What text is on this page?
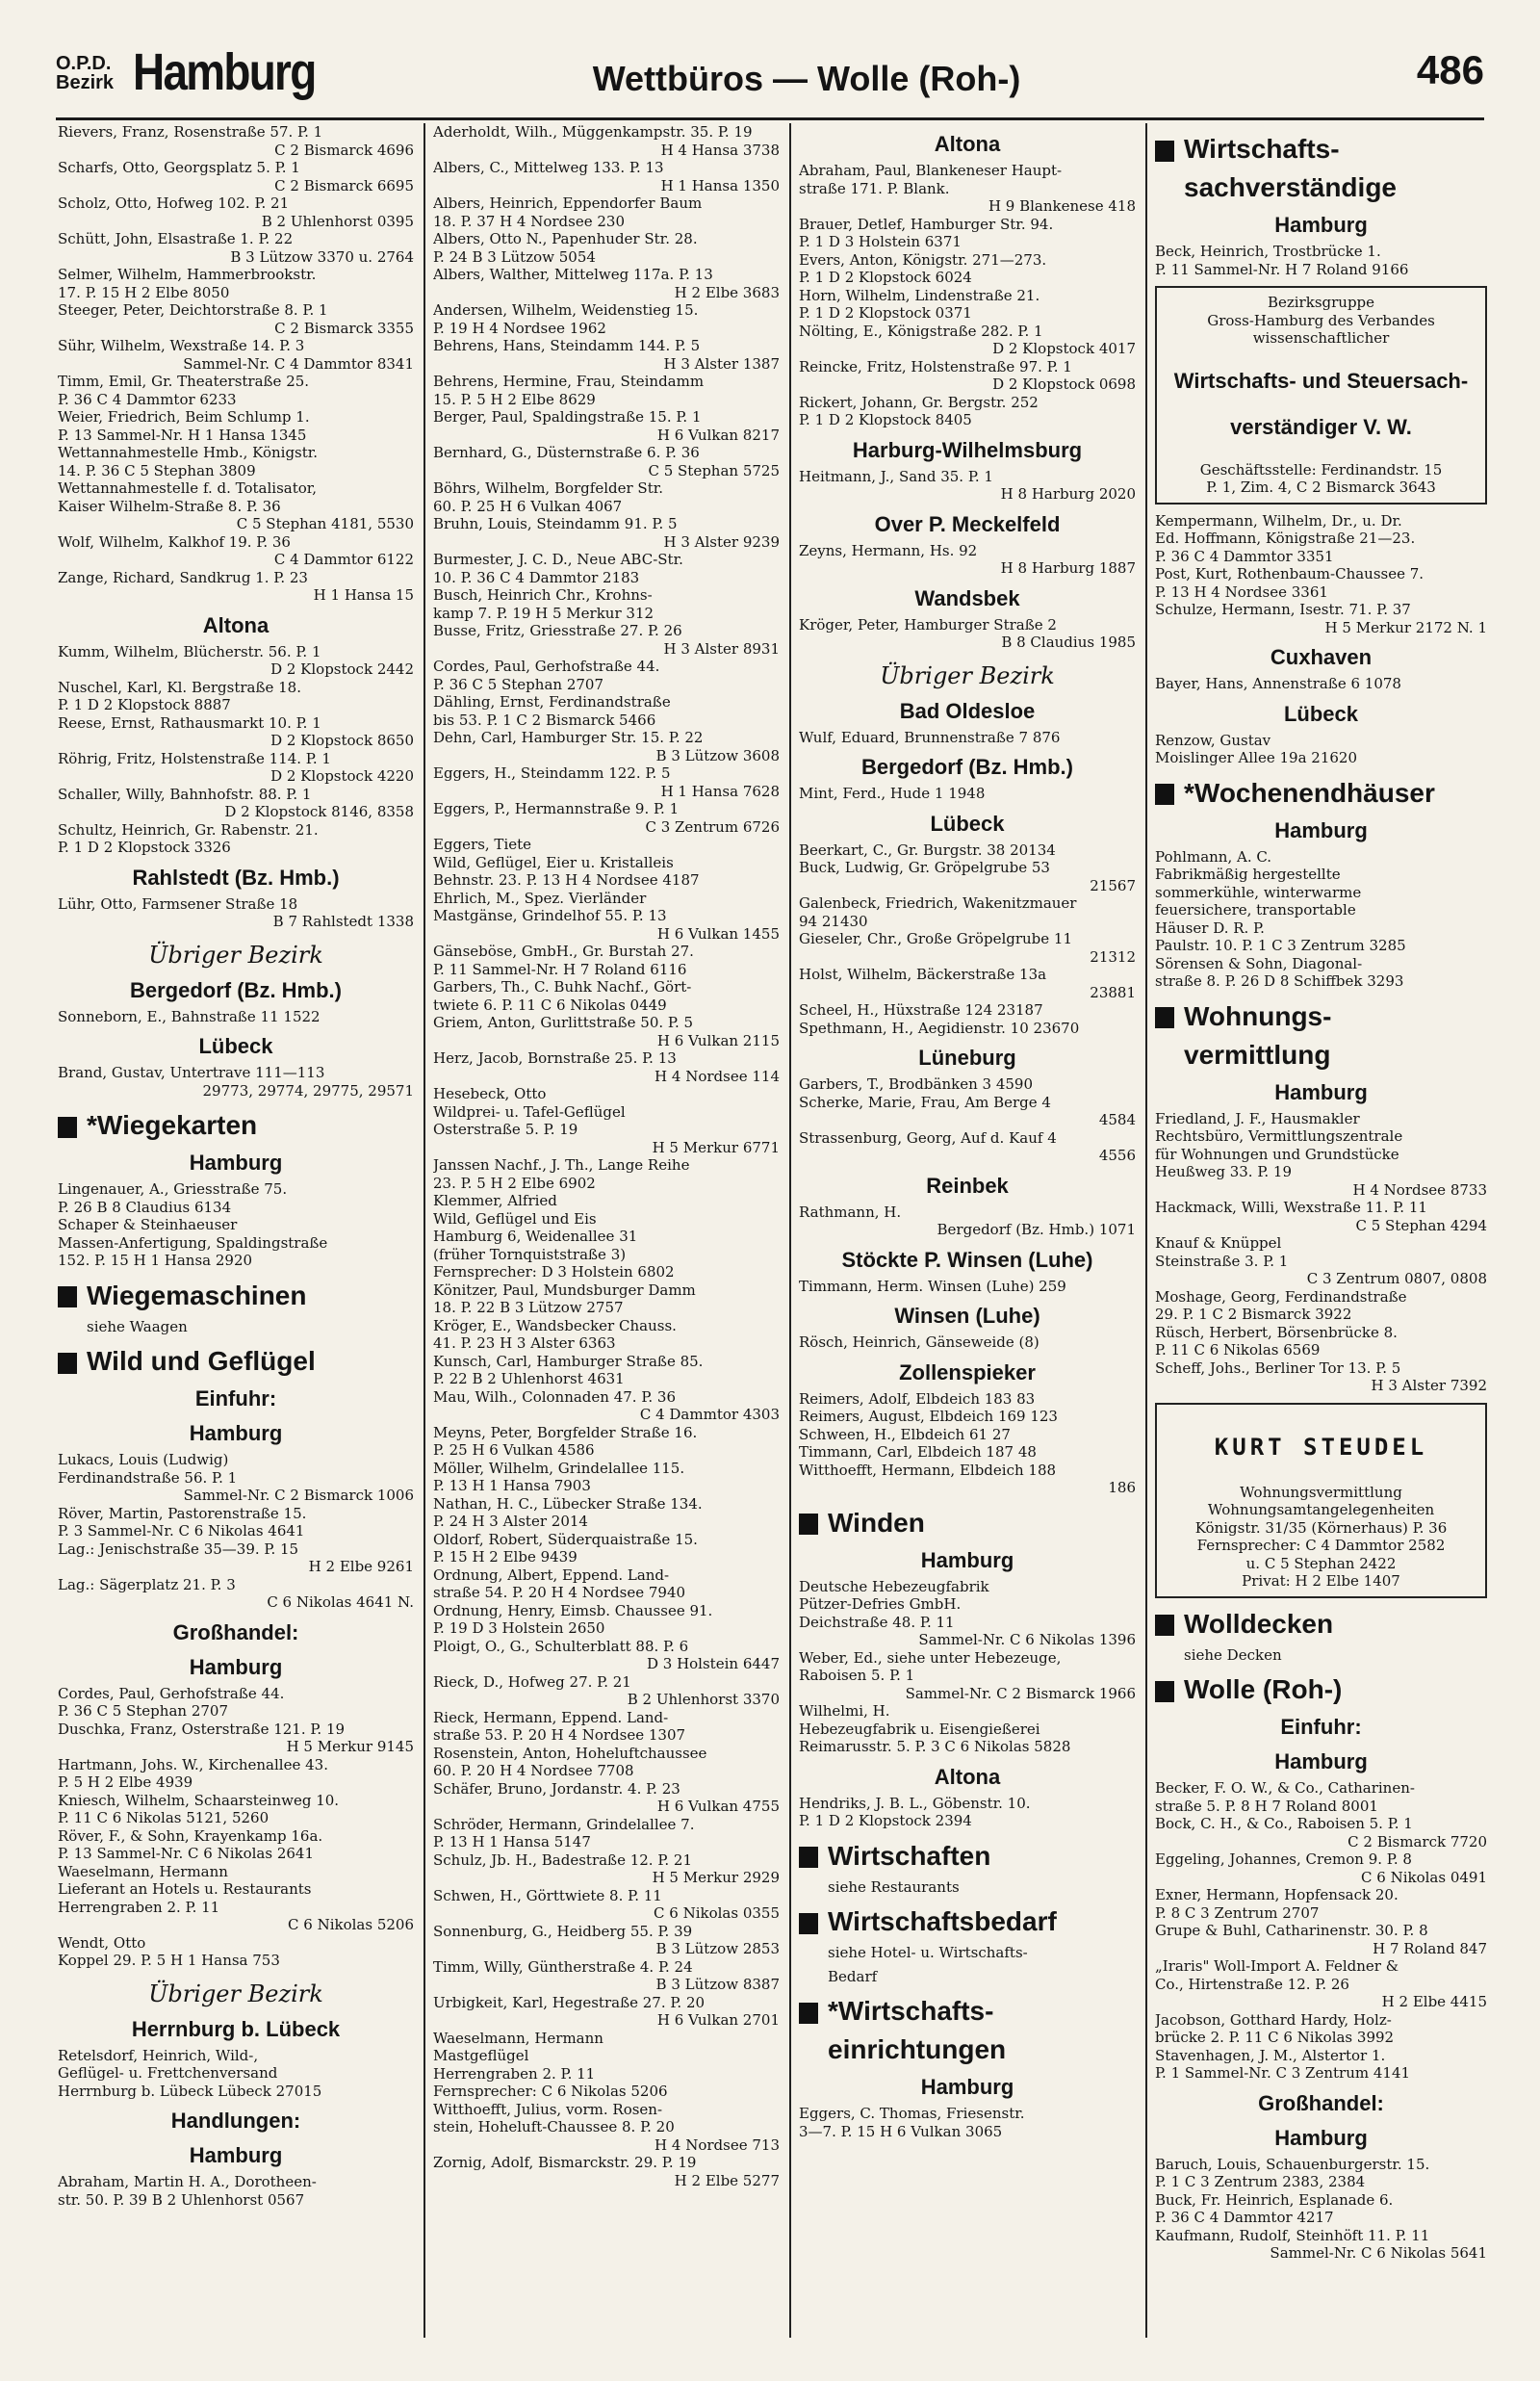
O.P.D.
Bezirk Hamburg	Wettbüros — Wolle (Roh-)	486

Rievers, Franz, Rosenstraße 57. P. 1

C 2 Bismarck 4696

Scharfs, Otto, Georgsplatz 5. P. 1

C 2 Bismarck 6695

Scholz, Otto, Hofweg 102. P. 21

B 2 Uhlenhorst 0395

Schütt, John, Elsastraße 1. P. 22

B 3 Lützow 3370 u. 2764

Selmer, Wilhelm, Hammerbrookstr.

17. P. 15 H 2 Elbe 8050

Steeger, Peter, Deichtorstraße 8. P. 1

C 2 Bismarck 3355

Sühr, Wilhelm, Wexstraße 14. P. 3

Sammel-Nr. C 4 Dammtor 8341

Timm, Emil, Gr. Theaterstraße 25.

P. 36 C 4 Dammtor 6233

Weier, Friedrich, Beim Schlump 1.

P. 13 Sammel-Nr. H 1 Hansa 1345

Wettannahmestelle Hmb., Königstr.

14. P. 36 C 5 Stephan 3809

Wettannahmestelle f. d. Totalisator,

Kaiser Wilhelm-Straße 8. P. 36

C 5 Stephan 4181, 5530

Wolf, Wilhelm, Kalkhof 19. P. 36

C 4 Dammtor 6122

Zange, Richard, Sandkrug 1. P. 23

H 1 Hansa 15

Altona

Kumm, Wilhelm, Blücherstr. 56. P. 1

D 2 Klopstock 2442

Nuschel, Karl, Kl. Bergstraße 18.

P. 1 D 2 Klopstock 8887

Reese, Ernst, Rathausmarkt 10. P. 1

D 2 Klopstock 8650

Röhrig, Fritz, Holstenstraße 114. P. 1

D 2 Klopstock 4220

Schaller, Willy, Bahnhofstr. 88. P. 1

D 2 Klopstock 8146, 8358

Schultz, Heinrich, Gr. Rabenstr. 21.

P. 1 D 2 Klopstock 3326

Rahlstedt (Bz. Hmb.)

Lühr, Otto, Farmsener Straße 18

B 7 Rahlstedt 1338

Übriger Bezirk

Bergedorf (Bz. Hmb.)

Sonneborn, E., Bahnstraße 11 1522

Lübeck

Brand, Gustav, Untertrave 111—113

29773, 29774, 29775, 29571

*Wiegekarten

Hamburg

Lingenauer, A., Griesstraße 75.

P. 26 B 8 Claudius 6134

Schaper & Steinhaeuser

Massen-Anfertigung, Spaldingstraße

152. P. 15 H 1 Hansa 2920

Wiegemaschinen

siehe Waagen

Wild und Geflügel

Einfuhr:

Hamburg

Lukacs, Louis (Ludwig)

Ferdinandstraße 56. P. 1

Sammel-Nr. C 2 Bismarck 1006

Röver, Martin, Pastorenstraße 15.

P. 3 Sammel-Nr. C 6 Nikolas 4641

Lag.: Jenischstraße 35—39. P. 15

H 2 Elbe 9261

Lag.: Sägerplatz 21. P. 3

C 6 Nikolas 4641 N.

Großhandel:

Hamburg

Cordes, Paul, Gerhofstraße 44.

P. 36 C 5 Stephan 2707

Duschka, Franz, Osterstraße 121. P. 19

H 5 Merkur 9145

Hartmann, Johs. W., Kirchenallee 43.

P. 5 H 2 Elbe 4939

Kniesch, Wilhelm, Schaarsteinweg 10.

P. 11 C 6 Nikolas 5121, 5260

Röver, F., & Sohn, Krayenkamp 16a.

P. 13 Sammel-Nr. C 6 Nikolas 2641

Waeselmann, Hermann

Lieferant an Hotels u. Restaurants

Herrengraben 2. P. 11

C 6 Nikolas 5206

Wendt, Otto

Koppel 29. P. 5 H 1 Hansa 753

Übriger Bezirk

Herrnburg b. Lübeck

Retelsdorf, Heinrich, Wild-,

Geflügel- u. Frettchenversand

Herrnburg b. Lübeck Lübeck 27015

Handlungen:

Hamburg

Abraham, Martin H. A., Dorotheen-

str. 50. P. 39 B 2 Uhlenhorst 0567

Aderholdt, Wilh., Müggenkampstr. 35. P. 19

H 4 Hansa 3738

Albers, C., Mittelweg 133. P. 13

H 1 Hansa 1350

Albers, Heinrich, Eppendorfer Baum

18. P. 37 H 4 Nordsee 230

Albers, Otto N., Papenhuder Str. 28.

P. 24 B 3 Lützow 5054

Albers, Walther, Mittelweg 117a. P. 13

H 2 Elbe 3683

Andersen, Wilhelm, Weidenstieg 15.

P. 19 H 4 Nordsee 1962

Behrens, Hans, Steindamm 144. P. 5

H 3 Alster 1387

Behrens, Hermine, Frau, Steindamm

15. P. 5 H 2 Elbe 8629

Berger, Paul, Spaldingstraße 15. P. 1

H 6 Vulkan 8217

Bernhard, G., Düsternstraße 6. P. 36

C 5 Stephan 5725

Böhrs, Wilhelm, Borgfelder Str.

60. P. 25 H 6 Vulkan 4067

Bruhn, Louis, Steindamm 91. P. 5

H 3 Alster 9239

Burmester, J. C. D., Neue ABC-Str.

10. P. 36 C 4 Dammtor 2183

Busch, Heinrich Chr., Krohns-

kamp 7. P. 19 H 5 Merkur 312

Busse, Fritz, Griesstraße 27. P. 26

H 3 Alster 8931

Cordes, Paul, Gerhofstraße 44.

P. 36 C 5 Stephan 2707

Dähling, Ernst, Ferdinandstraße

bis 53. P. 1 C 2 Bismarck 5466

Dehn, Carl, Hamburger Str. 15. P. 22

B 3 Lützow 3608

Eggers, H., Steindamm 122. P. 5

H 1 Hansa 7628

Eggers, P., Hermannstraße 9. P. 1

C 3 Zentrum 6726

Eggers, Tiete

Wild, Geflügel, Eier u. Kristalleis

Behnstr. 23. P. 13 H 4 Nordsee 4187

Ehrlich, M., Spez. Vierländer

Mastgänse, Grindelhof 55. P. 13

H 6 Vulkan 1455

Gänseböse, GmbH., Gr. Burstah 27.

P. 11 Sammel-Nr. H 7 Roland 6116

Garbers, Th., C. Buhk Nachf., Gört-

twiete 6. P. 11 C 6 Nikolas 0449

Griem, Anton, Gurlittstraße 50. P. 5

H 6 Vulkan 2115

Herz, Jacob, Bornstraße 25. P. 13

H 4 Nordsee 114

Hesebeck, Otto

Wildprei- u. Tafel-Geflügel

Osterstraße 5. P. 19

H 5 Merkur 6771

Janssen Nachf., J. Th., Lange Reihe

23. P. 5 H 2 Elbe 6902

Klemmer, Alfried

Wild, Geflügel und Eis

Hamburg 6, Weidenallee 31

(früher Tornquiststraße 3)

Fernsprecher: D 3 Holstein 6802

Könitzer, Paul, Mundsburger Damm

18. P. 22 B 3 Lützow 2757

Kröger, E., Wandsbecker Chauss.

41. P. 23 H 3 Alster 6363

Kunsch, Carl, Hamburger Straße 85.

P. 22 B 2 Uhlenhorst 4631

Mau, Wilh., Colonnaden 47. P. 36

C 4 Dammtor 4303

Meyns, Peter, Borgfelder Straße 16.

P. 25 H 6 Vulkan 4586

Möller, Wilhelm, Grindelallee 115.

P. 13 H 1 Hansa 7903

Nathan, H. C., Lübecker Straße 134.

P. 24 H 3 Alster 2014

Oldorf, Robert, Süderquaistraße 15.

P. 15 H 2 Elbe 9439

Ordnung, Albert, Eppend. Land-

straße 54. P. 20 H 4 Nordsee 7940

Ordnung, Henry, Eimsb. Chaussee 91.

P. 19 D 3 Holstein 2650

Ploigt, O., G., Schulterblatt 88. P. 6

D 3 Holstein 6447

Rieck, D., Hofweg 27. P. 21

B 2 Uhlenhorst 3370

Rieck, Hermann, Eppend. Land-

straße 53. P. 20 H 4 Nordsee 1307

Rosenstein, Anton, Hoheluftchaussee

60. P. 20 H 4 Nordsee 7708

Schäfer, Bruno, Jordanstr. 4. P. 23

H 6 Vulkan 4755

Schröder, Hermann, Grindelallee 7.

P. 13 H 1 Hansa 5147

Schulz, Jb. H., Badestraße 12. P. 21

H 5 Merkur 2929

Schwen, H., Görttwiete 8. P. 11

C 6 Nikolas 0355

Sonnenburg, G., Heidberg 55. P. 39

B 3 Lützow 2853

Timm, Willy, Güntherstraße 4. P. 24

B 3 Lützow 8387

Urbigkeit, Karl, Hegestraße 27. P. 20

H 6 Vulkan 2701

Waeselmann, Hermann

Mastgeflügel

Herrengraben 2. P. 11

Fernsprecher: C 6 Nikolas 5206

Witthoefft, Julius, vorm. Rosen-

stein, Hoheluft-Chaussee 8. P. 20

H 4 Nordsee 713

Zornig, Adolf, Bismarckstr. 29. P. 19

H 2 Elbe 5277

Altona

Abraham, Paul, Blankeneser Haupt-

straße 171. P. Blank.

H 9 Blankenese 418

Brauer, Detlef, Hamburger Str. 94.

P. 1 D 3 Holstein 6371

Evers, Anton, Königstr. 271—273.

P. 1 D 2 Klopstock 6024

Horn, Wilhelm, Lindenstraße 21.

P. 1 D 2 Klopstock 0371

Nölting, E., Königstraße 282. P. 1

D 2 Klopstock 4017

Reincke, Fritz, Holstenstraße 97. P. 1

D 2 Klopstock 0698

Rickert, Johann, Gr. Bergstr. 252

P. 1 D 2 Klopstock 8405

Harburg-Wilhelmsburg

Heitmann, J., Sand 35. P. 1

H 8 Harburg 2020

Over P. Meckelfeld

Zeyns, Hermann, Hs. 92

H 8 Harburg 1887

Wandsbek

Kröger, Peter, Hamburger Straße 2

B 8 Claudius 1985

Übriger Bezirk

Bad Oldesloe

Wulf, Eduard, Brunnenstraße 7 876

Bergedorf (Bz. Hmb.)

Mint, Ferd., Hude 1 1948

Lübeck

Beerkart, C., Gr. Burgstr. 38 20134

Buck, Ludwig, Gr. Gröpelgrube 53

21567

Galenbeck, Friedrich, Wakenitzmauer

94 21430

Gieseler, Chr., Große Gröpelgrube 11

21312

Holst, Wilhelm, Bäckerstraße 13a

23881

Scheel, H., Hüxstraße 124 23187

Spethmann, H., Aegidienstr. 10 23670

Lüneburg

Garbers, T., Brodbänken 3 4590

Scherke, Marie, Frau, Am Berge 4

4584

Strassenburg, Georg, Auf d. Kauf 4

4556

Reinbek

Rathmann, H.

Bergedorf (Bz. Hmb.) 1071

Stöckte P. Winsen (Luhe)

Timmann, Herm. Winsen (Luhe) 259

Winsen (Luhe)

Rösch, Heinrich, Gänseweide (8)

Zollenspieker

Reimers, Adolf, Elbdeich 183 83

Reimers, August, Elbdeich 169 123

Schween, H., Elbdeich 61 27

Timmann, Carl, Elbdeich 187 48

Witthoefft, Hermann, Elbdeich 188

186

Winden

Hamburg

Deutsche Hebezeugfabrik

Pützer-Defries GmbH.

Deichstraße 48. P. 11

Sammel-Nr. C 6 Nikolas 1396

Weber, Ed., siehe unter Hebezeuge,

Raboisen 5. P. 1

Sammel-Nr. C 2 Bismarck 1966

Wilhelmi, H.

Hebezeugfabrik u. Eisengießerei

Reimarusstr. 5. P. 3 C 6 Nikolas 5828

Altona

Hendriks, J. B. L., Göbenstr. 10.

P. 1 D 2 Klopstock 2394

Wirtschaften

siehe Restaurants

Wirtschaftsbedarf

siehe Hotel- u. Wirtschafts-

Bedarf

*Wirtschafts-
einrichtungen

Hamburg

Eggers, C. Thomas, Friesenstr.

3—7. P. 15 H 6 Vulkan 3065

Wirtschafts-
sachverständige

Hamburg

Beck, Heinrich, Trostbrücke 1.

P. 11 Sammel-Nr. H 7 Roland 9166

Bezirksgruppe

Gross-Hamburg des Verbandes

wissenschaftlicher

Wirtschafts- und Steuersach-

verständiger V. W.

Geschäftsstelle: Ferdinandstr. 15

P. 1, Zim. 4, C 2 Bismarck 3643

Kempermann, Wilhelm, Dr., u. Dr.

Ed. Hoffmann, Königstraße 21—23.

P. 36 C 4 Dammtor 3351

Post, Kurt, Rothenbaum-Chaussee 7.

P. 13 H 4 Nordsee 3361

Schulze, Hermann, Isestr. 71. P. 37

H 5 Merkur 2172 N. 1

Cuxhaven

Bayer, Hans, Annenstraße 6 1078

Lübeck

Renzow, Gustav

Moislinger Allee 19a 21620

*Wochenendhäuser

Hamburg

Pohlmann, A. C.

Fabrikmäßig hergestellte

sommerkühle, winterwarme

feuersichere, transportable

Häuser D. R. P.

Paulstr. 10. P. 1 C 3 Zentrum 3285

Sörensen & Sohn, Diagonal-

straße 8. P. 26 D 8 Schiffbek 3293

Wohnungs-
vermittlung

Hamburg

Friedland, J. F., Hausmakler

Rechtsbüro, Vermittlungszentrale

für Wohnungen und Grundstücke

Heußweg 33. P. 19

H 4 Nordsee 8733

Hackmack, Willi, Wexstraße 11. P. 11

C 5 Stephan 4294

Knauf & Knüppel

Steinstraße 3. P. 1

C 3 Zentrum 0807, 0808

Moshage, Georg, Ferdinandstraße

29. P. 1 C 2 Bismarck 3922

Rüsch, Herbert, Börsenbrücke 8.

P. 11 C 6 Nikolas 6569

Scheff, Johs., Berliner Tor 13. P. 5

H 3 Alster 7392

KURT STEUDEL

Wohnungsvermittlung

Wohnungsamtangelegenheiten

Königstr. 31/35 (Körnerhaus) P. 36

Fernsprecher: C 4 Dammtor 2582

u. C 5 Stephan 2422

Privat: H 2 Elbe 1407

Wolldecken

siehe Decken

Wolle (Roh-)

Einfuhr:

Hamburg

Becker, F. O. W., & Co., Catharinen-

straße 5. P. 8 H 7 Roland 8001

Bock, C. H., & Co., Raboisen 5. P. 1

C 2 Bismarck 7720

Eggeling, Johannes, Cremon 9. P. 8

C 6 Nikolas 0491

Exner, Hermann, Hopfensack 20.

P. 8 C 3 Zentrum 2707

Grupe & Buhl, Catharinenstr. 30. P. 8

H 7 Roland 847

„Iraris" Woll-Import A. Feldner &

Co., Hirtenstraße 12. P. 26

H 2 Elbe 4415

Jacobson, Gotthard Hardy, Holz-

brücke 2. P. 11 C 6 Nikolas 3992

Stavenhagen, J. M., Alstertor 1.

P. 1 Sammel-Nr. C 3 Zentrum 4141

Großhandel:

Hamburg

Baruch, Louis, Schauenburgerstr. 15.

P. 1 C 3 Zentrum 2383, 2384

Buck, Fr. Heinrich, Esplanade 6.

P. 36 C 4 Dammtor 4217

Kaufmann, Rudolf, Steinhöft 11. P. 11

Sammel-Nr. C 6 Nikolas 5641
